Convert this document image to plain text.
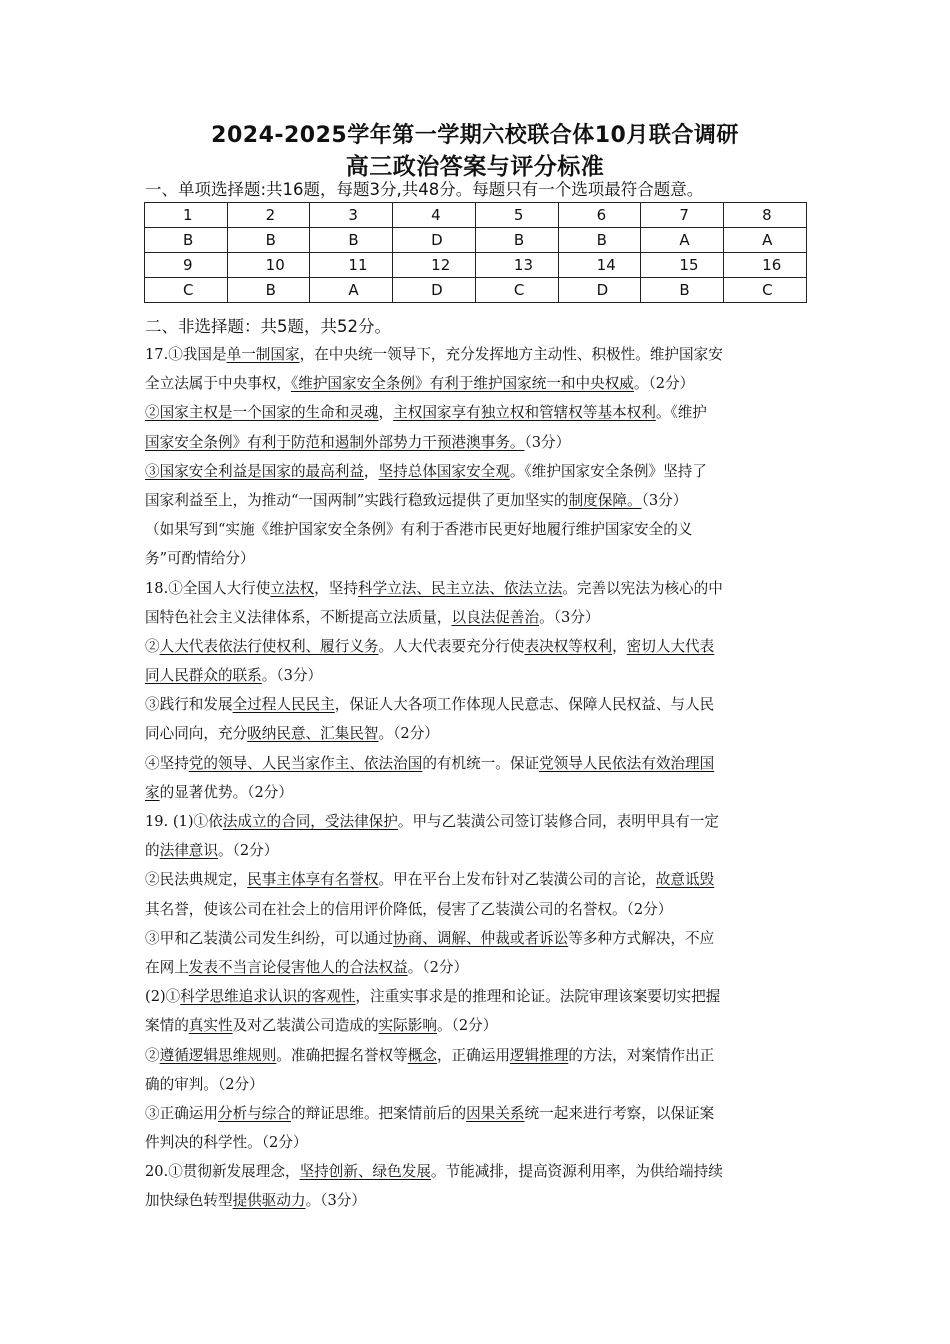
2024-2025学年第一学期六校联合体10月联合调研
高三政治答案与评分标准
一、单项选择题:共16题，每题3分,共48分。每题只有一个选项最符合题意。
1	2	3	4	5	6	7	8
B	B	B	D	B	B	A	A
9	10	11	12	13	14	15	16
C	B	A	D	C	D	B	C
二、非选择题：共5题，共52分。
17.①我国是单一制国家，在中央统一领导下，充分发挥地方主动性、积极性。维护国家安
全立法属于中央事权，《维护国家安全条例》有利于维护国家统一和中央权威。（2分）
②国家主权是一个国家的生命和灵魂，主权国家享有独立权和管辖权等基本权利。《维护
国家安全条例》有利于防范和遏制外部势力干预港澳事务。（3分）
③国家安全利益是国家的最高利益，坚持总体国家安全观。《维护国家安全条例》坚持了
国家利益至上，为推动“一国两制”实践行稳致远提供了更加坚实的制度保障。（3分）
（如果写到“实施《维护国家安全条例》有利于香港市民更好地履行维护国家安全的义
务”可酌情给分）
18.①全国人大行使立法权，坚持科学立法、民主立法、依法立法。完善以宪法为核心的中
国特色社会主义法律体系，不断提高立法质量，以良法促善治。（3分）
②人大代表依法行使权利、履行义务。人大代表要充分行使表决权等权利，密切人大代表
同人民群众的联系。（3分）
③践行和发展全过程人民民主，保证人大各项工作体现人民意志、保障人民权益、与人民
同心同向，充分吸纳民意、汇集民智。（2分）
④坚持党的领导、人民当家作主、依法治国的有机统一。保证党领导人民依法有效治理国
家的显著优势。（2分）
19. (1)①依法成立的合同，受法律保护。甲与乙装潢公司签订装修合同，表明甲具有一定
的法律意识。（2分）
②民法典规定，民事主体享有名誉权。甲在平台上发布针对乙装潢公司的言论，故意诋毁
其名誉，使该公司在社会上的信用评价降低，侵害了乙装潢公司的名誉权。（2分）
③甲和乙装潢公司发生纠纷，可以通过协商、调解、仲裁或者诉讼等多种方式解决，不应
在网上发表不当言论侵害他人的合法权益。（2分）
(2)①科学思维追求认识的客观性，注重实事求是的推理和论证。法院审理该案要切实把握
案情的真实性及对乙装潢公司造成的实际影响。（2分）
②遵循逻辑思维规则。准确把握名誉权等概念，正确运用逻辑推理的方法，对案情作出正
确的审判。（2分）
③正确运用分析与综合的辩证思维。把案情前后的因果关系统一起来进行考察，以保证案
件判决的科学性。（2分）
20.①贯彻新发展理念，坚持创新、绿色发展。节能减排，提高资源利用率，为供给端持续
加快绿色转型提供驱动力。（3分）
